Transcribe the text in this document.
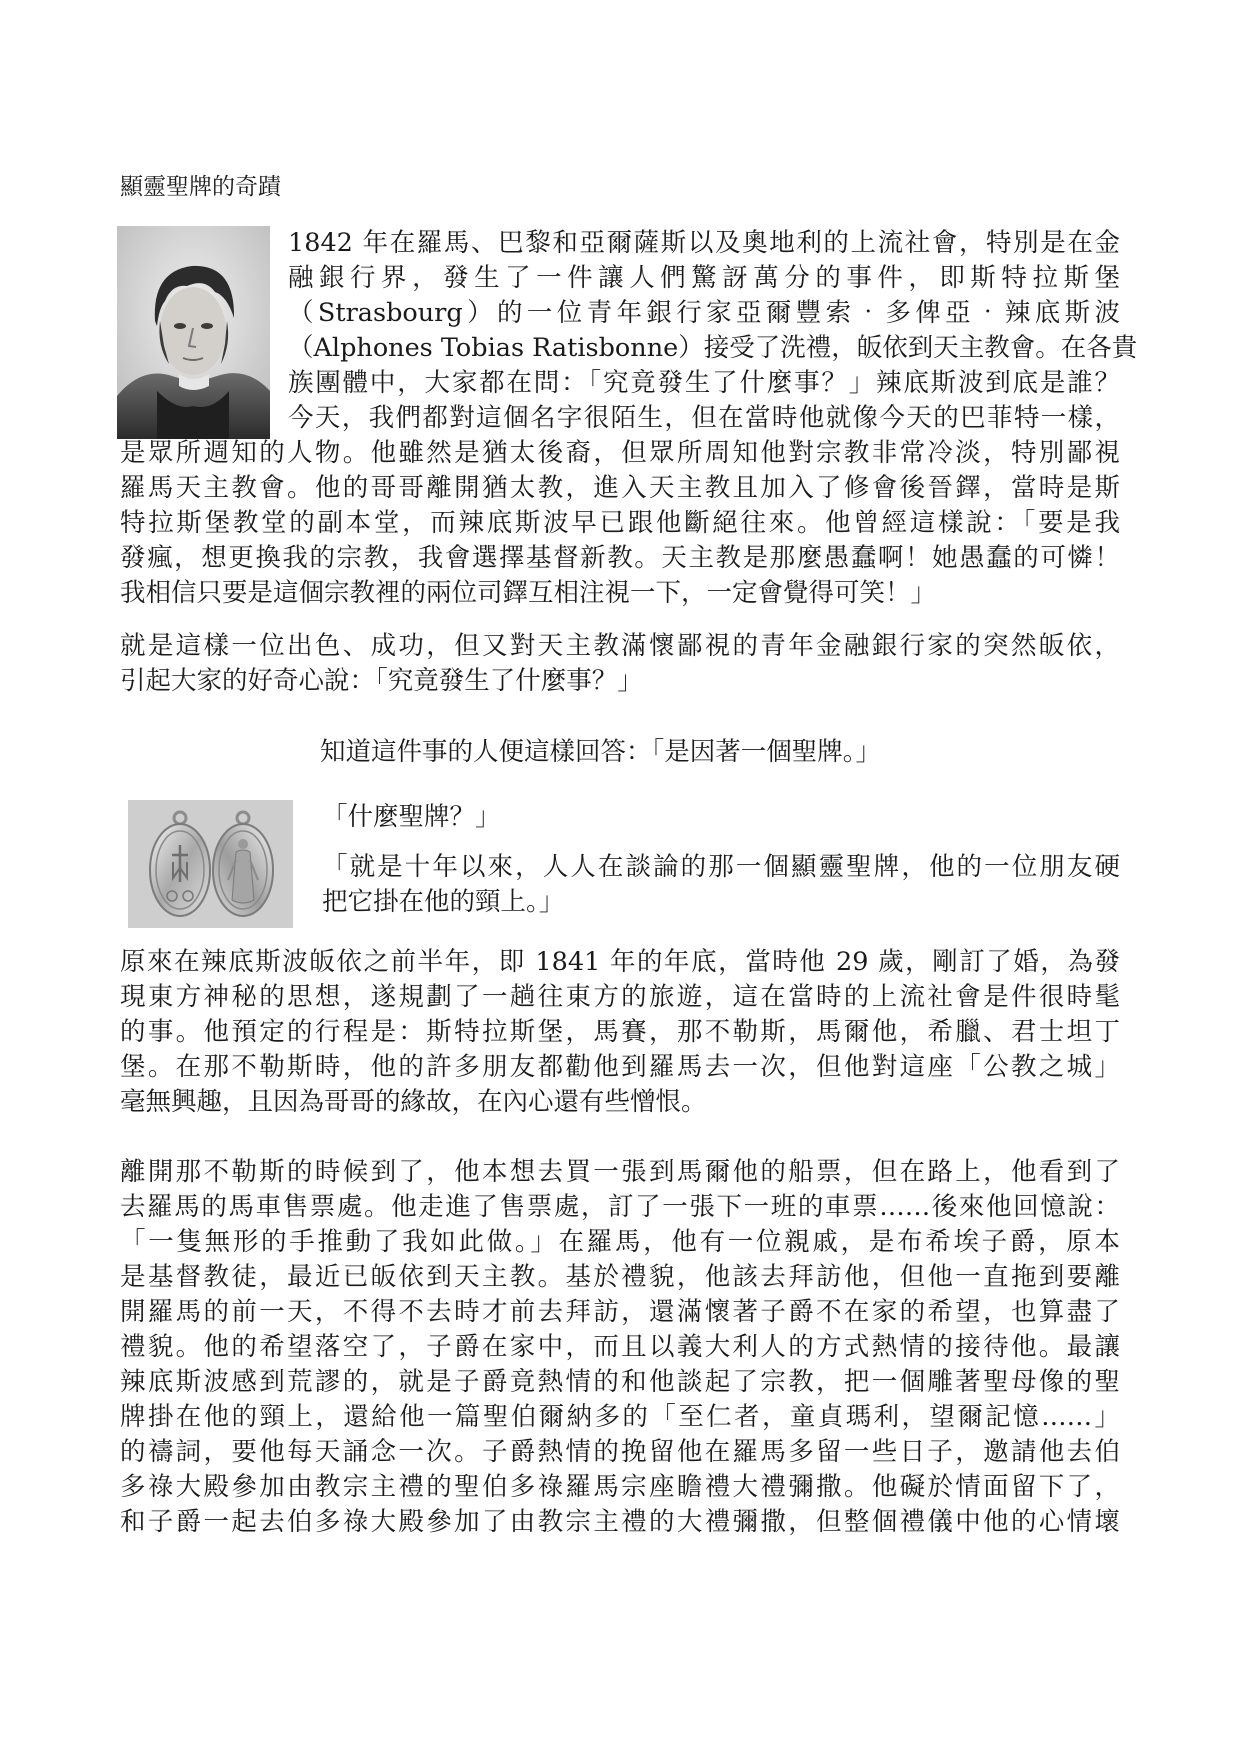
顯靈聖牌的奇蹟

1842 年在羅馬、巴黎和亞爾薩斯以及奧地利的上流社會，特別是在金

融銀行界，發生了一件讓人們驚訝萬分的事件，即斯特拉斯堡

（Strasbourg）的一位青年銀行家亞爾豐索‧多俾亞‧辣底斯波

（Alphones Tobias Ratisbonne）接受了洗禮，皈依到天主教會。在各貴

族團體中，大家都在問：「究竟發生了什麼事？」辣底斯波到底是誰？

今天，我們都對這個名字很陌生，但在當時他就像今天的巴菲特一樣，

是眾所週知的人物。他雖然是猶太後裔，但眾所周知他對宗教非常冷淡，特別鄙視

羅馬天主教會。他的哥哥離開猶太教，進入天主教且加入了修會後晉鐸，當時是斯

特拉斯堡教堂的副本堂，而辣底斯波早已跟他斷絕往來。他曾經這樣說：「要是我

發瘋，想更換我的宗教，我會選擇基督新教。天主教是那麼愚蠢啊！她愚蠢的可憐！

我相信只要是這個宗教裡的兩位司鐸互相注視一下，一定會覺得可笑！」

就是這樣一位出色、成功，但又對天主教滿懷鄙視的青年金融銀行家的突然皈依，

引起大家的好奇心說：「究竟發生了什麼事？」

知道這件事的人便這樣回答：「是因著一個聖牌。」

「什麼聖牌？」

「就是十年以來，人人在談論的那一個顯靈聖牌，他的一位朋友硬

把它掛在他的頸上。」

原來在辣底斯波皈依之前半年，即 1841 年的年底，當時他 29 歲，剛訂了婚，為發

現東方神秘的思想，遂規劃了一趟往東方的旅遊，這在當時的上流社會是件很時髦

的事。他預定的行程是：斯特拉斯堡，馬賽，那不勒斯，馬爾他，希臘、君士坦丁

堡。在那不勒斯時，他的許多朋友都勸他到羅馬去一次，但他對這座「公教之城」

毫無興趣，且因為哥哥的緣故，在內心還有些憎恨。

離開那不勒斯的時候到了，他本想去買一張到馬爾他的船票，但在路上，他看到了

去羅馬的馬車售票處。他走進了售票處，訂了一張下一班的車票……後來他回憶說：

「一隻無形的手推動了我如此做。」在羅馬，他有一位親戚，是布希埃子爵，原本

是基督教徒，最近已皈依到天主教。基於禮貌，他該去拜訪他，但他一直拖到要離

開羅馬的前一天，不得不去時才前去拜訪，還滿懷著子爵不在家的希望，也算盡了

禮貌。他的希望落空了，子爵在家中，而且以義大利人的方式熱情的接待他。最讓

辣底斯波感到荒謬的，就是子爵竟熱情的和他談起了宗教，把一個雕著聖母像的聖

牌掛在他的頸上，還給他一篇聖伯爾納多的「至仁者，童貞瑪利，望爾記憶……」

的禱詞，要他每天誦念一次。子爵熱情的挽留他在羅馬多留一些日子，邀請他去伯

多祿大殿參加由教宗主禮的聖伯多祿羅馬宗座瞻禮大禮彌撒。他礙於情面留下了，

和子爵一起去伯多祿大殿參加了由教宗主禮的大禮彌撒，但整個禮儀中他的心情壞
